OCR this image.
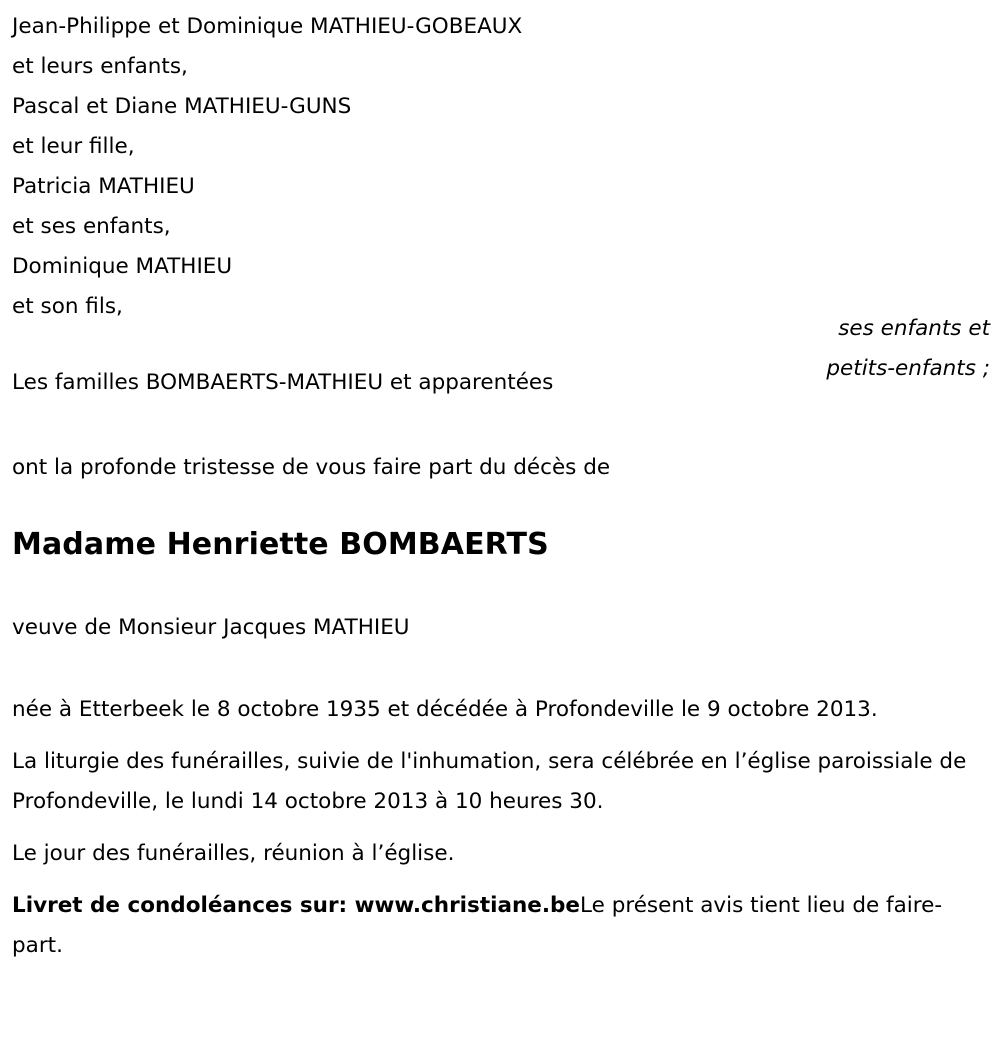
Jean-Philippe et Dominique MATHIEU-GOBEAUX
et leurs enfants,
Pascal et Diane MATHIEU-GUNS
et leur fille,
Patricia MATHIEU
et ses enfants,
Dominique MATHIEU
et son fils,

Les familles BOMBAERTS-MATHIEU et apparentées

ont la profonde tristesse de vous faire part du décès de

Madame Henriette BOMBAERTS

veuve de Monsieur Jacques MATHIEU

née à Etterbeek le 8 octobre 1935 et décédée à Profondeville le 9 octobre 2013.

La liturgie des funérailles, suivie de l'inhumation, sera célébrée en l’église paroissiale de Profondeville, le lundi 14 octobre 2013 à 10 heures 30.

Le jour des funérailles, réunion à l’église.

Livret de condoléances sur: www.christiane.beLe présent avis tient lieu de faire-part.

ses enfants et
petits-enfants ;
